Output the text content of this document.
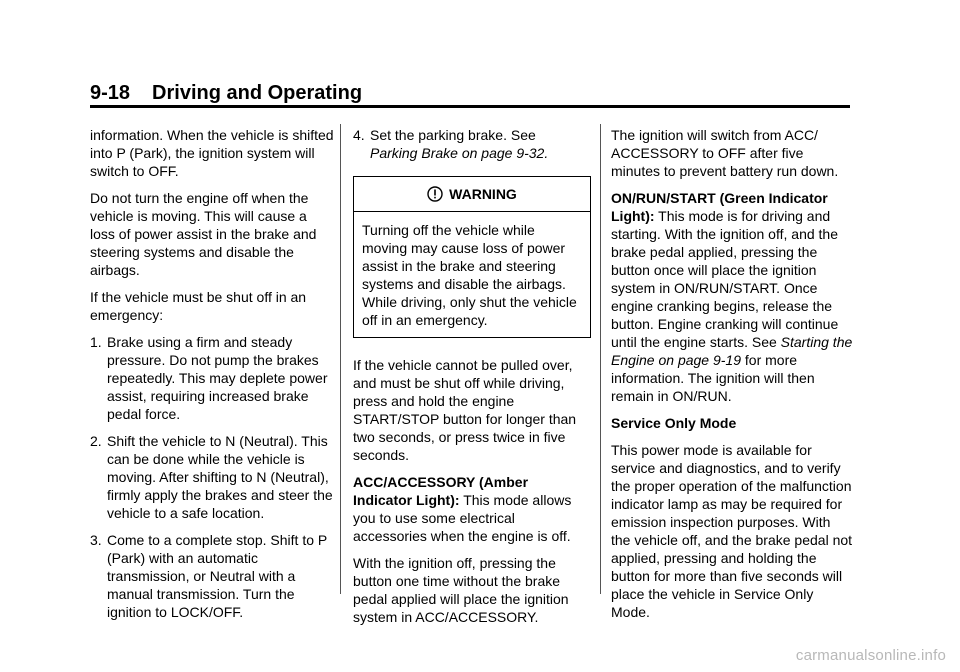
9-18 Driving and Operating

information. When the vehicle is shifted into P (Park), the ignition system will switch to OFF.

Do not turn the engine off when the vehicle is moving. This will cause a loss of power assist in the brake and steering systems and disable the airbags.

If the vehicle must be shut off in an emergency:

1. Brake using a firm and steady pressure. Do not pump the brakes repeatedly. This may deplete power assist, requiring increased brake pedal force.
2. Shift the vehicle to N (Neutral). This can be done while the vehicle is moving. After shifting to N (Neutral), firmly apply the brakes and steer the vehicle to a safe location.
3. Come to a complete stop. Shift to P (Park) with an automatic transmission, or Neutral with a manual transmission. Turn the ignition to LOCK/OFF.
4. Set the parking brake. See
Parking Brake on page 9-32.
WARNING
Turning off the vehicle while moving may cause loss of power assist in the brake and steering systems and disable the airbags. While driving, only shut the vehicle off in an emergency.

If the vehicle cannot be pulled over, and must be shut off while driving, press and hold the engine START/STOP button for longer than two seconds, or press twice in five seconds.

ACC/ACCESSORY (Amber Indicator Light): This mode allows you to use some electrical accessories when the engine is off.

With the ignition off, pressing the button one time without the brake pedal applied will place the ignition system in ACC/ACCESSORY.

The ignition will switch from ACC/ ACCESSORY to OFF after five minutes to prevent battery run down.

ON/RUN/START (Green Indicator Light): This mode is for driving and starting. With the ignition off, and the brake pedal applied, pressing the button once will place the ignition system in ON/RUN/START. Once engine cranking begins, release the button. Engine cranking will continue until the engine starts. See Starting the Engine on page 9-19 for more information. The ignition will then remain in ON/RUN.

Service Only Mode

This power mode is available for service and diagnostics, and to verify the proper operation of the malfunction indicator lamp as may be required for emission inspection purposes. With the vehicle off, and the brake pedal not applied, pressing and holding the button for more than five seconds will place the vehicle in Service Only Mode.

carmanualsonline.info
